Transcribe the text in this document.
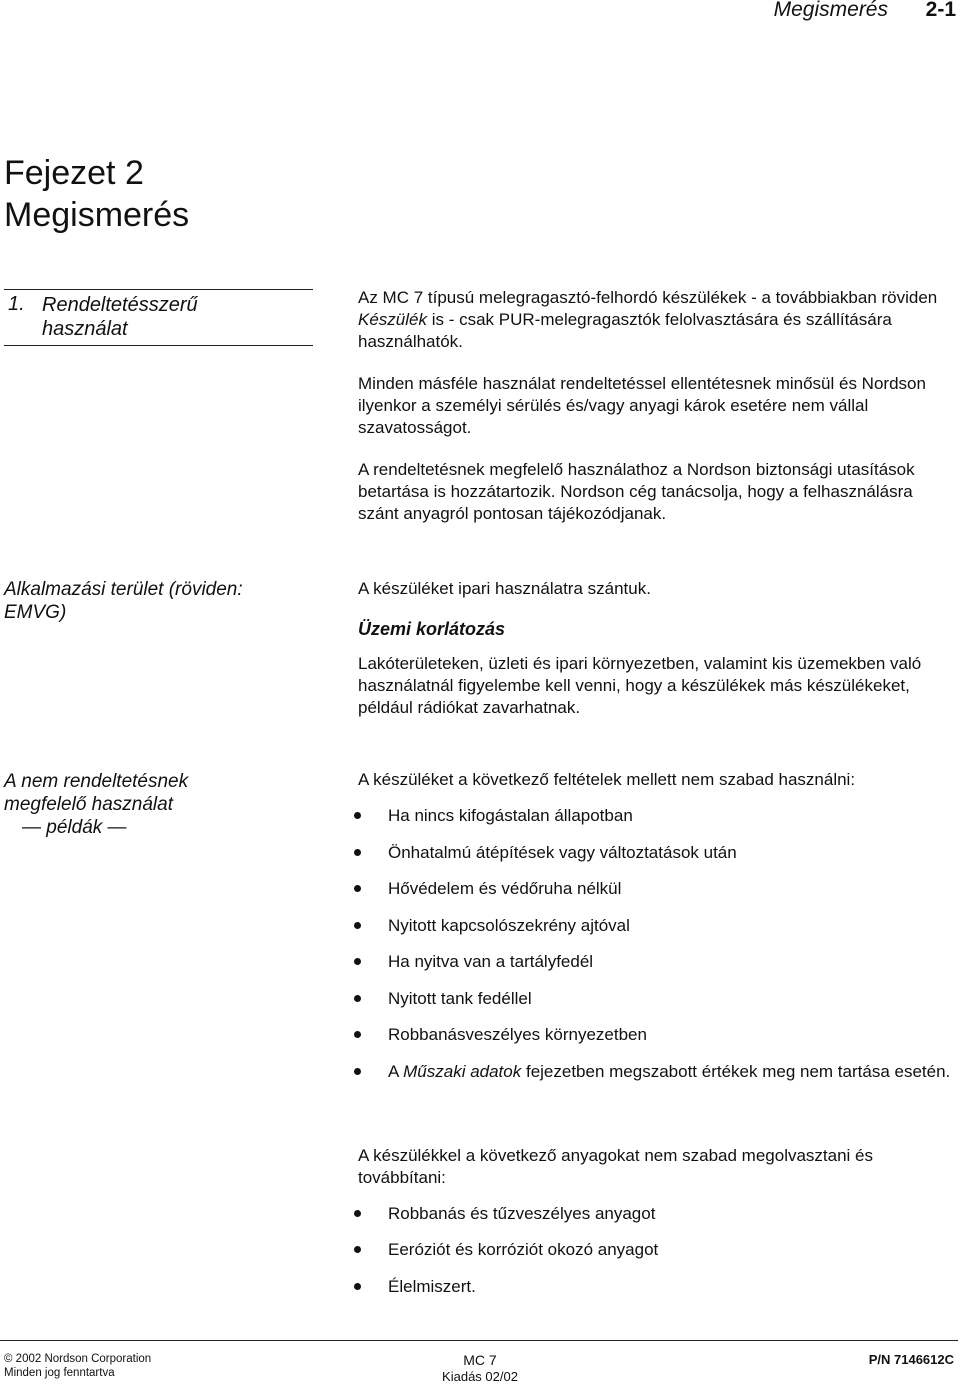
Megismerés 2-1
Fejezet 2
Megismerés
1. Rendeltetésszerű
használat
Az MC 7 típusú melegragasztó-felhordó készülékek - a továbbiakban röviden Készülék is - csak PUR-melegragasztók felolvasztására és szállítására használhatók.
Minden másféle használat rendeltetéssel ellentétesnek minősül és Nordson ilyenkor a személyi sérülés és/vagy anyagi károk esetére nem vállal szavatosságot.
A rendeltetésnek megfelelő használathoz a Nordson biztonsági utasítások betartása is hozzátartozik. Nordson cég tanácsolja, hogy a felhasználásra szánt anyagról pontosan tájékozódjanak.
Alkalmazási terület (röviden:
EMVG)
A készüléket ipari használatra szántuk.
Üzemi korlátozás
Lakóterületeken, üzleti és ipari környezetben, valamint kis üzemekben való használatnál figyelembe kell venni, hogy a készülékek más készülékeket, például rádiókat zavarhatnak.
A nem rendeltetésnek
megfelelő használat
— példák —
A készüléket a következő feltételek mellett nem szabad használni:
Ha nincs kifogástalan állapotban
Önhatalmú átépítések vagy változtatások után
Hővédelem és védőruha nélkül
Nyitott kapcsolószekrény ajtóval
Ha nyitva van a tartályfedél
Nyitott tank fedéllel
Robbanásveszélyes környezetben
A Műszaki adatok fejezetben megszabott értékek meg nem tartása esetén.
A készülékkel a következő anyagokat nem szabad megolvasztani és továbbítani:
Robbanás és tűzveszélyes anyagot
Eeróziót és korróziót okozó anyagot
Élelmiszert.
© 2002 Nordson Corporation
Minden jog fenntartva
MC 7
Kiadás 02/02
P/N 7146612C
